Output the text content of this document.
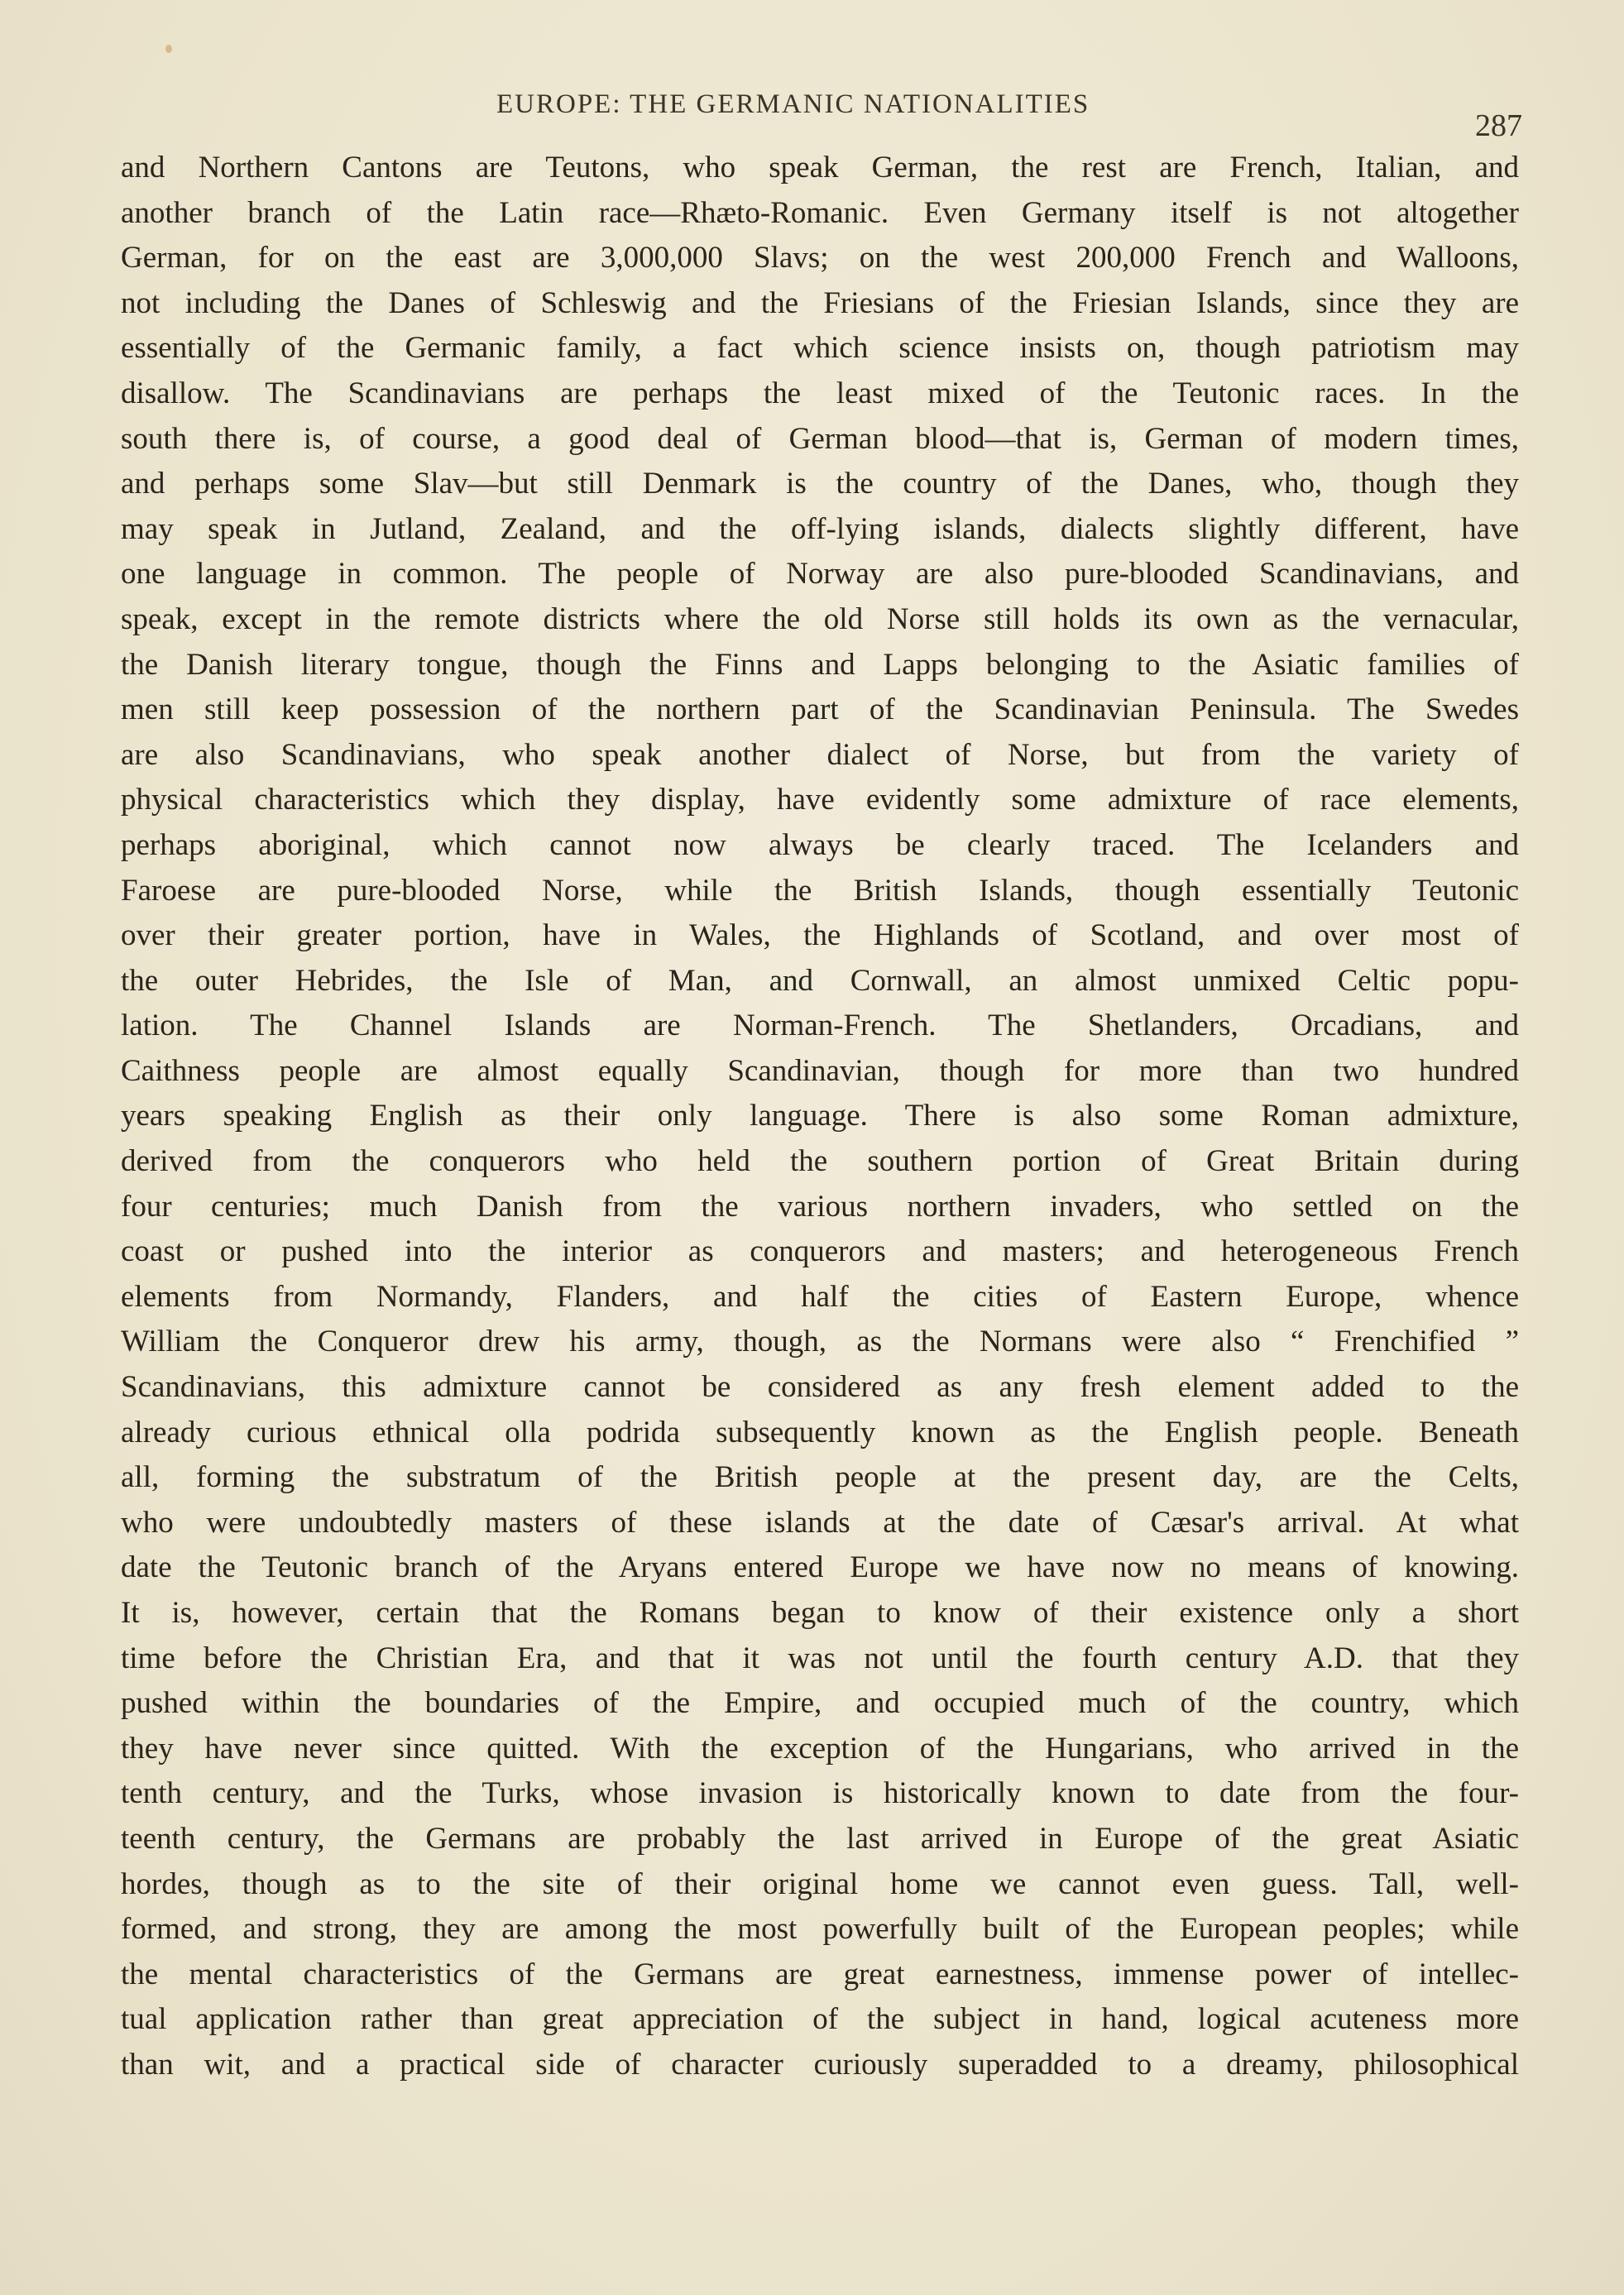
EUROPE: THE GERMANIC NATIONALITIES
287
and Northern Cantons are Teutons, who speak German, the rest are French, Italian, and
another branch of the Latin race—Rhæto-Romanic. Even Germany itself is not altogether
German, for on the east are 3,000,000 Slavs; on the west 200,000 French and Walloons,
not including the Danes of Schleswig and the Friesians of the Friesian Islands, since they are
essentially of the Germanic family, a fact which science insists on, though patriotism may
disallow. The Scandinavians are perhaps the least mixed of the Teutonic races. In the
south there is, of course, a good deal of German blood—that is, German of modern times,
and perhaps some Slav—but still Denmark is the country of the Danes, who, though they
may speak in Jutland, Zealand, and the off-lying islands, dialects slightly different, have
one language in common. The people of Norway are also pure-blooded Scandinavians, and
speak, except in the remote districts where the old Norse still holds its own as the vernacular,
the Danish literary tongue, though the Finns and Lapps belonging to the Asiatic families of
men still keep possession of the northern part of the Scandinavian Peninsula. The Swedes
are also Scandinavians, who speak another dialect of Norse, but from the variety of
physical characteristics which they display, have evidently some admixture of race elements,
perhaps aboriginal, which cannot now always be clearly traced. The Icelanders and
Faroese are pure-blooded Norse, while the British Islands, though essentially Teutonic
over their greater portion, have in Wales, the Highlands of Scotland, and over most of
the outer Hebrides, the Isle of Man, and Cornwall, an almost unmixed Celtic popu-
lation. The Channel Islands are Norman-French. The Shetlanders, Orcadians, and
Caithness people are almost equally Scandinavian, though for more than two hundred
years speaking English as their only language. There is also some Roman admixture,
derived from the conquerors who held the southern portion of Great Britain during
four centuries; much Danish from the various northern invaders, who settled on the
coast or pushed into the interior as conquerors and masters; and heterogeneous French
elements from Normandy, Flanders, and half the cities of Eastern Europe, whence
William the Conqueror drew his army, though, as the Normans were also “ Frenchified ”
Scandinavians, this admixture cannot be considered as any fresh element added to the
already curious ethnical olla podrida subsequently known as the English people. Beneath
all, forming the substratum of the British people at the present day, are the Celts,
who were undoubtedly masters of these islands at the date of Cæsar's arrival. At what
date the Teutonic branch of the Aryans entered Europe we have now no means of knowing.
It is, however, certain that the Romans began to know of their existence only a short
time before the Christian Era, and that it was not until the fourth century A.D. that they
pushed within the boundaries of the Empire, and occupied much of the country, which
they have never since quitted. With the exception of the Hungarians, who arrived in the
tenth century, and the Turks, whose invasion is historically known to date from the four-
teenth century, the Germans are probably the last arrived in Europe of the great Asiatic
hordes, though as to the site of their original home we cannot even guess. Tall, well-
formed, and strong, they are among the most powerfully built of the European peoples; while
the mental characteristics of the Germans are great earnestness, immense power of intellec-
tual application rather than great appreciation of the subject in hand, logical acuteness more
than wit, and a practical side of character curiously superadded to a dreamy, philosophical
